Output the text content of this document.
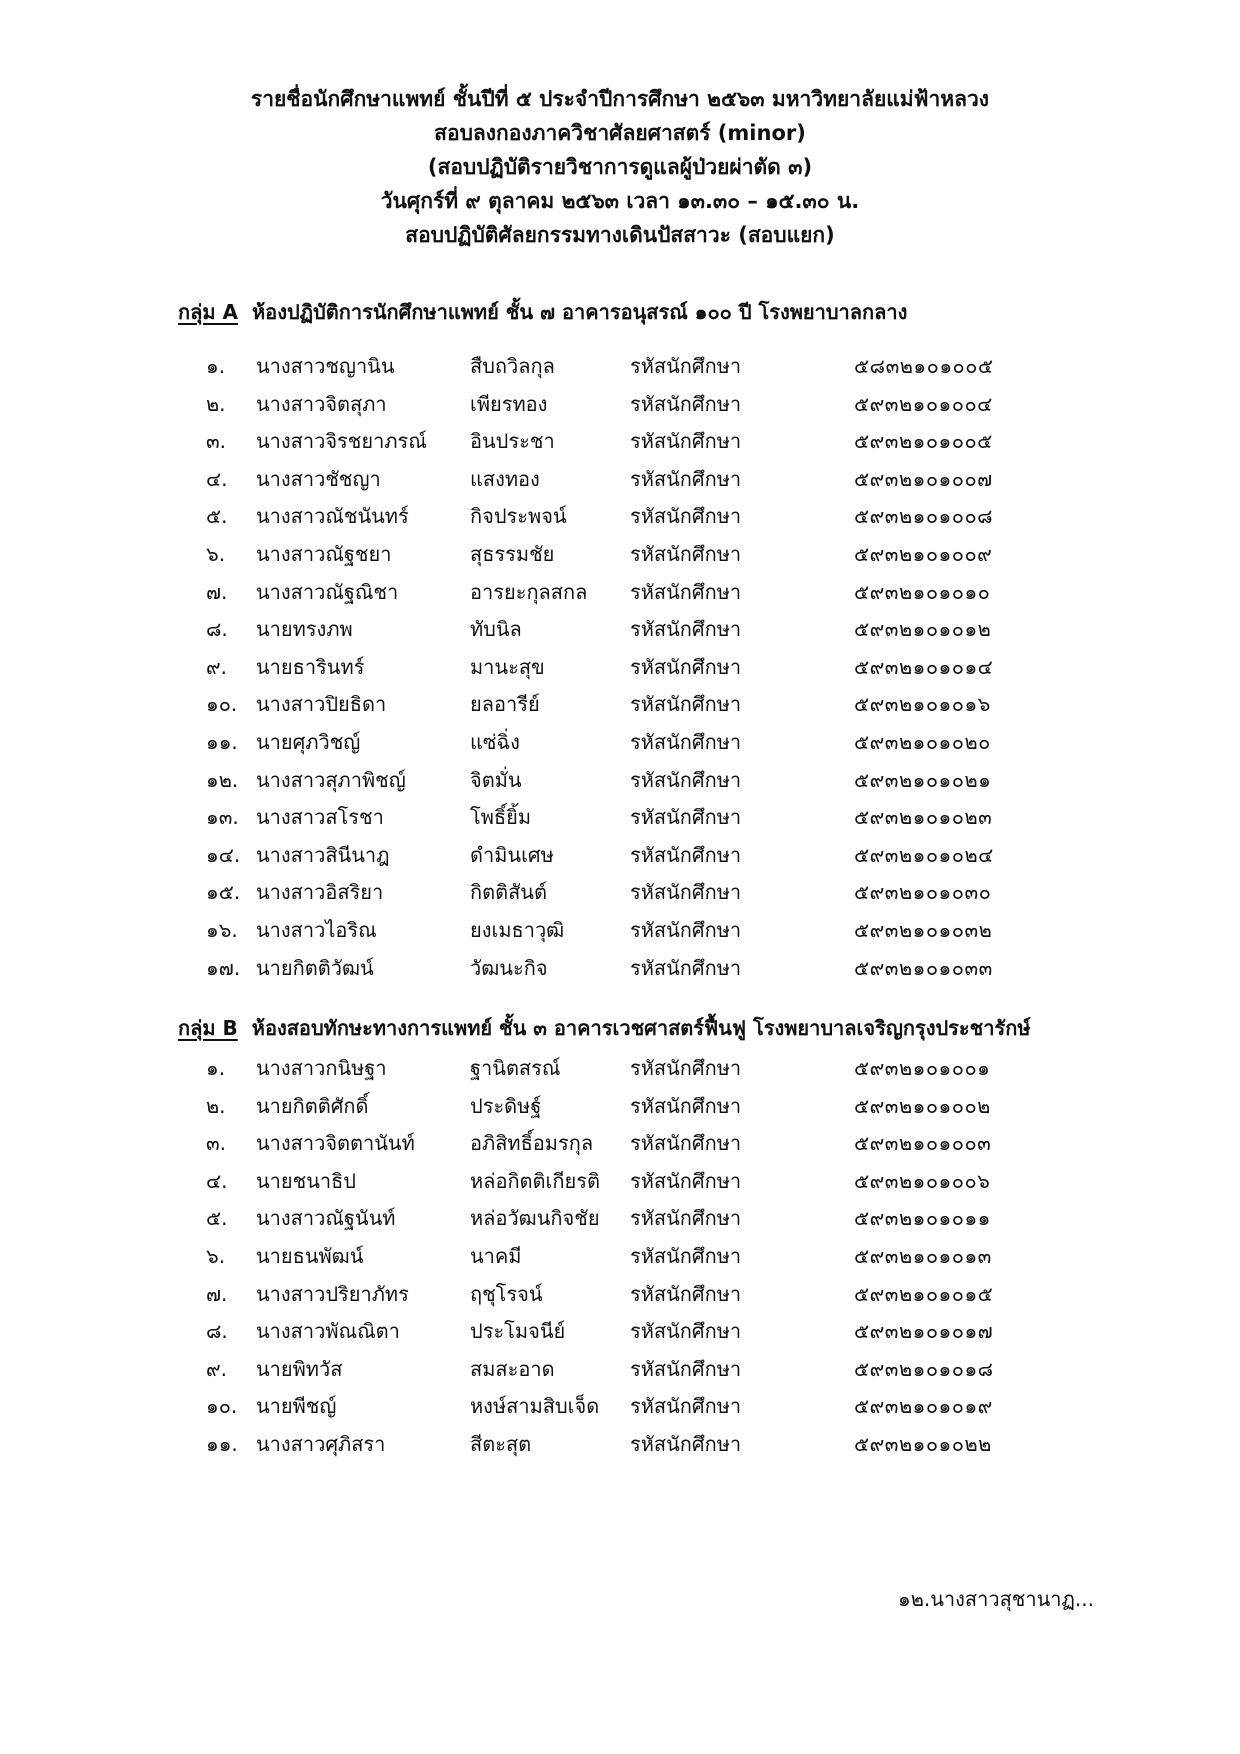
รายชื่อนักศึกษาแพทย์ ชั้นปีที่ ๕ ประจำปีการศึกษา ๒๕๖๓ มหาวิทยาลัยแม่ฟ้าหลวง
สอบลงกองภาควิชาศัลยศาสตร์ (minor)
(สอบปฏิบัติรายวิชาการดูแลผู้ป่วยผ่าตัด ๓)
วันศุกร์ที่ ๙ ตุลาคม ๒๕๖๓ เวลา ๑๓.๓๐ – ๑๕.๓๐ น.
สอบปฏิบัติศัลยกรรมทางเดินปัสสาวะ (สอบแยก)
กลุ่ม A ห้องปฏิบัติการนักศึกษาแพทย์ ชั้น ๗ อาคารอนุสรณ์ ๑๐๐ ปี โรงพยาบาลกลาง
๑. นางสาวชญานิน	สืบถวิลกุล	รหัสนักศึกษา	๕๘๓๒๑๐๑๐๐๕
๒. นางสาวจิตสุภา	เพียรทอง	รหัสนักศึกษา	๕๙๓๒๑๐๑๐๐๔
๓. นางสาวจิรชยาภรณ์ อินประชา	รหัสนักศึกษา	๕๙๓๒๑๐๑๐๐๕
๔. นางสาวชัชญา	แสงทอง	รหัสนักศึกษา	๕๙๓๒๑๐๑๐๐๗
๕. นางสาวณัชนันทร์	กิจประพจน์	รหัสนักศึกษา	๕๙๓๒๑๐๑๐๐๘
๖. นางสาวณัฐชยา	สุธรรมชัย	รหัสนักศึกษา	๕๙๓๒๑๐๑๐๐๙
๗. นางสาวณัฐณิชา	อารยะกุลสกล รหัสนักศึกษา	๕๙๓๒๑๐๑๐๑๐
๘. นายทรงภพ	ทับนิล	รหัสนักศึกษา	๕๙๓๒๑๐๑๐๑๒
๙. นายธารินทร์	มานะสุข	รหัสนักศึกษา	๕๙๓๒๑๐๑๐๑๔
๑๐. นางสาวปิยธิดา	ยลอารีย์	รหัสนักศึกษา	๕๙๓๒๑๐๑๐๑๖
๑๑. นายศุภวิชญ์	แซ่ฉิ่ง	รหัสนักศึกษา	๕๙๓๒๑๐๑๐๒๐
๑๒. นางสาวสุภาพิชญ์	จิตมั่น	รหัสนักศึกษา	๕๙๓๒๑๐๑๐๒๑
๑๓. นางสาวสโรชา	โพธิ์ยิ้ม	รหัสนักศึกษา	๕๙๓๒๑๐๑๐๒๓
๑๔. นางสาวสินีนาฎ	ดำมินเศษ	รหัสนักศึกษา	๕๙๓๒๑๐๑๐๒๔
๑๕. นางสาวอิสริยา	กิตติสันต์	รหัสนักศึกษา	๕๙๓๒๑๐๑๐๓๐
๑๖. นางสาวไอริณ	ยงเมธาวุฒิ	รหัสนักศึกษา	๕๙๓๒๑๐๑๐๓๒
๑๗. นายกิตติวัฒน์	วัฒนะกิจ	รหัสนักศึกษา	๕๙๓๒๑๐๑๐๓๓
กลุ่ม B ห้องสอบทักษะทางการแพทย์ ชั้น ๓ อาคารเวชศาสตร์ฟื้นฟู โรงพยาบาลเจริญกรุงประชารักษ์
๑. นางสาวกนิษฐา	ฐานิตสรณ์	รหัสนักศึกษา	๕๙๓๒๑๐๑๐๐๑
๒. นายกิตติศักดิ์	ประดิษฐ์	รหัสนักศึกษา	๕๙๓๒๑๐๑๐๐๒
๓. นางสาวจิตตานันท์	อภิสิทธิ์อมรกุล รหัสนักศึกษา	๕๙๓๒๑๐๑๐๐๓
๔. นายชนาธิป	หล่อกิตติเกียรติ รหัสนักศึกษา	๕๙๓๒๑๐๑๐๐๖
๕. นางสาวณัฐนันท์	หล่อวัฒนกิจชัย รหัสนักศึกษา	๕๙๓๒๑๐๑๐๑๑
๖. นายธนพัฒน์	นาคมี	รหัสนักศึกษา	๕๙๓๒๑๐๑๐๑๓
๗. นางสาวปริยาภัทร	ฤชุโรจน์	รหัสนักศึกษา	๕๙๓๒๑๐๑๐๑๕
๘. นางสาวพัณณิตา	ประโมจนีย์	รหัสนักศึกษา	๕๙๓๒๑๐๑๐๑๗
๙. นายพิทวัส	สมสะอาด	รหัสนักศึกษา	๕๙๓๒๑๐๑๐๑๘
๑๐. นายพีชญ์	หงษ์สามสิบเจ็ด รหัสนักศึกษา	๕๙๓๒๑๐๑๐๑๙
๑๑. นางสาวศุภิสรา	สีตะสุต	รหัสนักศึกษา	๕๙๓๒๑๐๑๐๒๒
๑๒.นางสาวสุชานาฏ...
